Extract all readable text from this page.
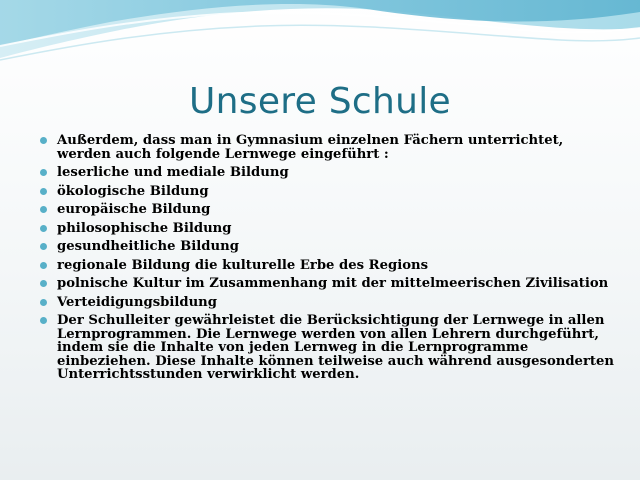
Unsere Schule
Außerdem, dass man in Gymnasium einzelnen Fächern unterrichtet, werden auch folgende Lernwege eingeführt :
leserliche und mediale Bildung
ökologische Bildung
europäische Bildung
philosophische Bildung
gesundheitliche Bildung
regionale Bildung die kulturelle Erbe des Regions
polnische Kultur im Zusammenhang mit der mittelmeerischen Zivilisation
Verteidigungsbildung
Der Schulleiter gewährleistet die Berücksichtigung der Lernwege in allen Lernprogrammen. Die Lernwege werden von allen Lehrern durchgeführt, indem sie die Inhalte von jeden Lernweg in die Lernprogramme einbeziehen. Diese Inhalte können teilweise auch während ausgesonderten Unterrichtsstunden verwirklicht werden.
